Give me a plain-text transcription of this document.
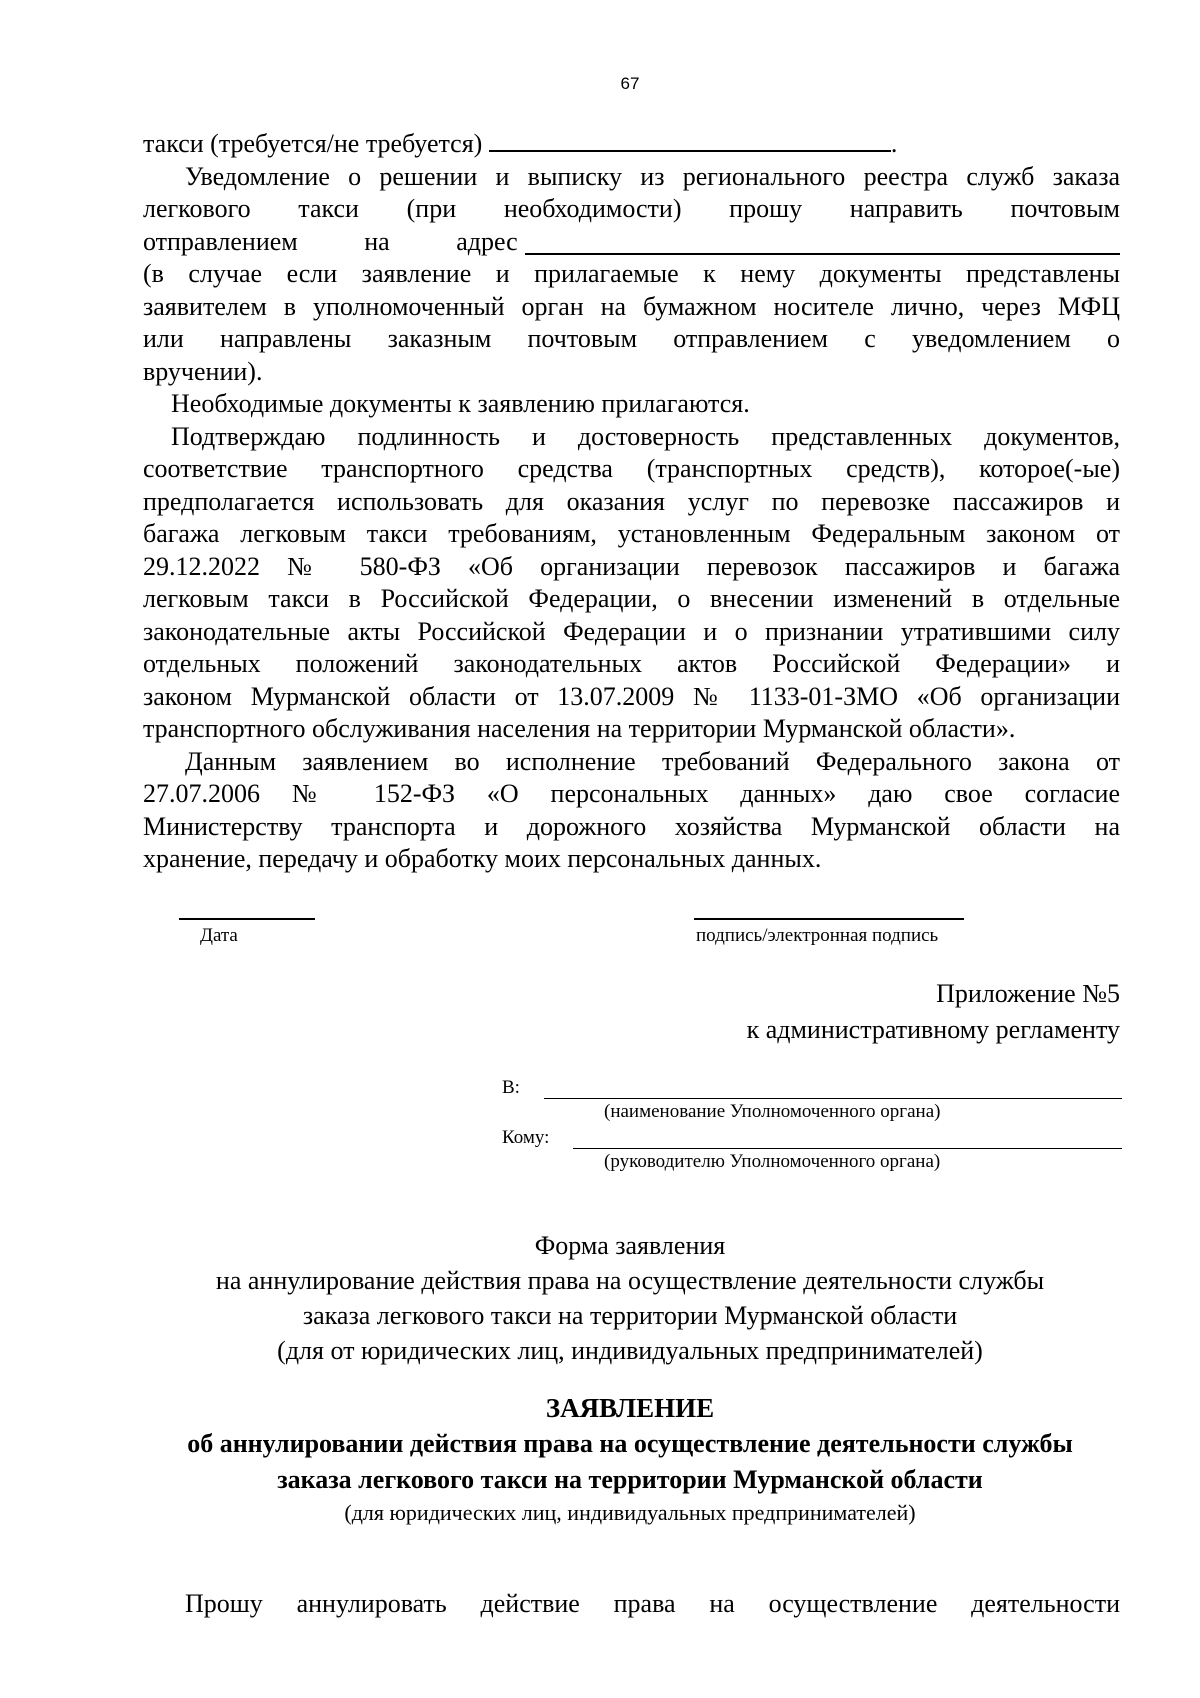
67
такси (требуется/не требуется)	.
Уведомление о решении и выписку из регионального реестра служб заказа
легкового такси (при необходимости) прошу направить почтовым
отправлением на адрес
(в случае если заявление и прилагаемые к нему документы представлены
заявителем в уполномоченный орган на бумажном носителе лично, через МФЦ
или направлены заказным почтовым отправлением с уведомлением о
вручении).
Необходимые документы к заявлению прилагаются.
Подтверждаю подлинность и достоверность представленных документов,
соответствие транспортного средства (транспортных средств), которое(-ые)
предполагается использовать для оказания услуг по перевозке пассажиров и
багажа легковым такси требованиям, установленным Федеральным законом от
29.12.2022 № 580-ФЗ «Об организации перевозок пассажиров и багажа
легковым такси в Российской Федерации, о внесении изменений в отдельные
законодательные акты Российской Федерации и о признании утратившими силу
отдельных положений законодательных актов Российской Федерации» и
законом Мурманской области от 13.07.2009 № 1133-01-ЗМО «Об организации
транспортного обслуживания населения на территории Мурманской области».
Данным заявлением во исполнение требований Федерального закона от
27.07.2006 № 152-ФЗ «О персональных данных» даю свое согласие
Министерству транспорта и дорожного хозяйства Мурманской области на
хранение, передачу и обработку моих персональных данных.
Дата	подпись/электронная подпись
Приложение №5
к административному регламенту
В:
(наименование Уполномоченного органа)
Кому:
(руководителю Уполномоченного органа)
Форма заявления
на аннулирование действия права на осуществление деятельности службы
заказа легкового такси на территории Мурманской области
(для от юридических лиц, индивидуальных предпринимателей)
ЗАЯВЛЕНИЕ
об аннулировании действия права на осуществление деятельности службы
заказа легкового такси на территории Мурманской области
(для юридических лиц, индивидуальных предпринимателей)
Прошу аннулировать действие права на осуществление деятельности
